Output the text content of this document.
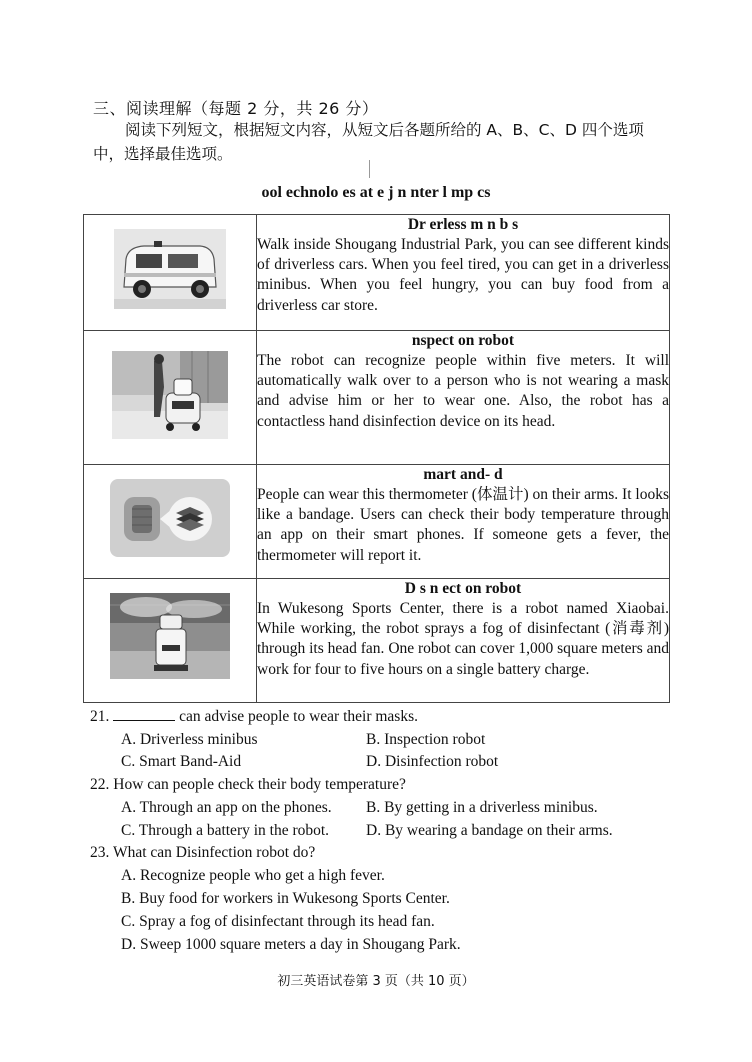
三、阅读理解（每题 2 分，共 26 分）
阅读下列短文，根据短文内容，从短文后各题所给的 A、B、C、D 四个选项中，选择最佳选项。
ool echnolo es at e j n nter l mp cs

Dr erless m n b s
Walk inside Shougang Industrial Park, you can see different kinds of driverless cars. When you feel tired, you can get in a driverless minibus. When you feel hungry, you can buy food from a driverless car store.

nspect on robot
The robot can recognize people within five meters. It will automatically walk over to a person who is not wearing a mask and advise him or her to wear one. Also, the robot has a contactless hand disinfection device on its head.

mart and- d
People can wear this thermometer (体温计) on their arms. It looks like a bandage. Users can check their body temperature through an app on their smart phones. If someone gets a fever, the thermometer will report it.

D s n ect on robot
In Wukesong Sports Center, there is a robot named Xiaobai. While working, the robot sprays a fog of disinfectant (消毒剂) through its head fan. One robot can cover 1,000 square meters and work for four to five hours on a single battery charge.
21.	can advise people to wear their masks.
A. Driverless minibus	B. Inspection robot
C. Smart Band-Aid	D. Disinfection robot
22. How can people check their body temperature?
A. Through an app on the phones. B. By getting in a driverless minibus.
C. Through a battery in the robot. D. By wearing a bandage on their arms.
23. What can Disinfection robot do?
A. Recognize people who get a high fever.
B. Buy food for workers in Wukesong Sports Center.
C. Spray a fog of disinfectant through its head fan.
D. Sweep 1000 square meters a day in Shougang Park.
初三英语试卷第 3 页（共 10 页）
